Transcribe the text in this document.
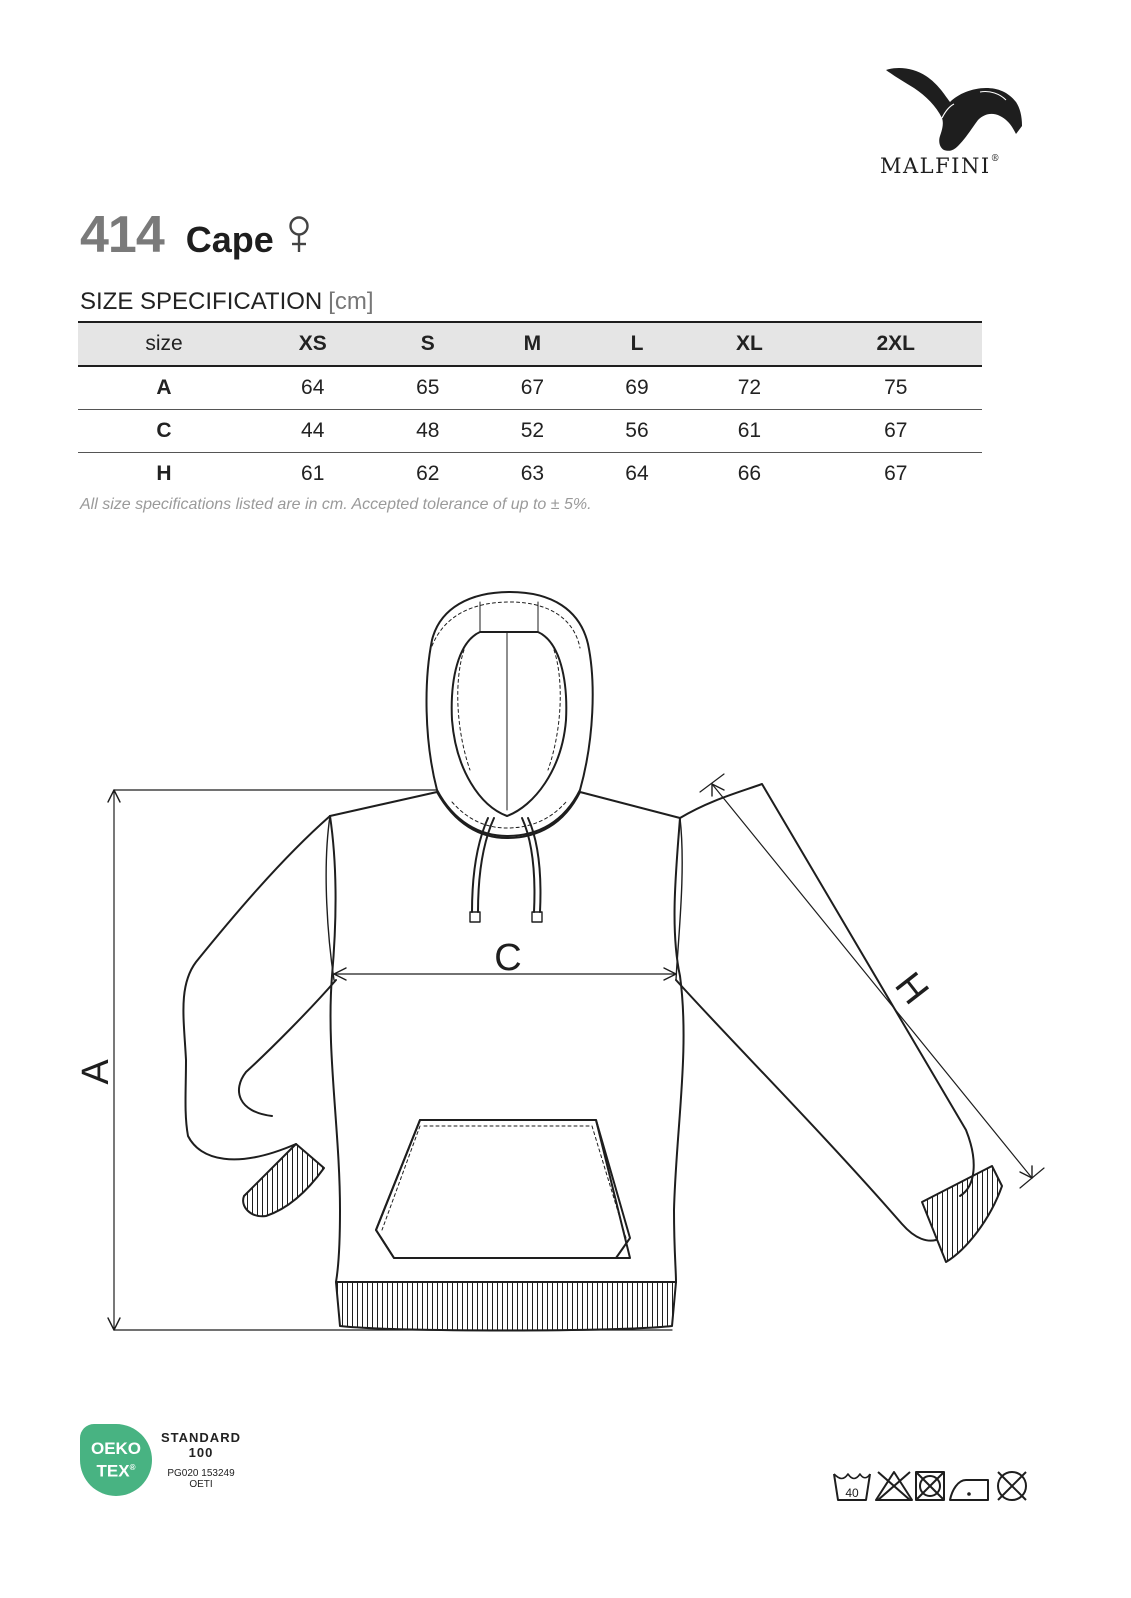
MALFINI®
414 Cape
SIZE SPECIFICATION [cm]
size	XS	S	M	L	XL	2XL
A	64	65	67	69	72	75
C	44	48	52	56	61	67
H	61	62	63	64	66	67
All size specifications listed are in cm. Accepted tolerance of up to ± 5%.
C
A
H
OEKO
TEX®
STANDARD
100
PG020 153249
OETI
40
